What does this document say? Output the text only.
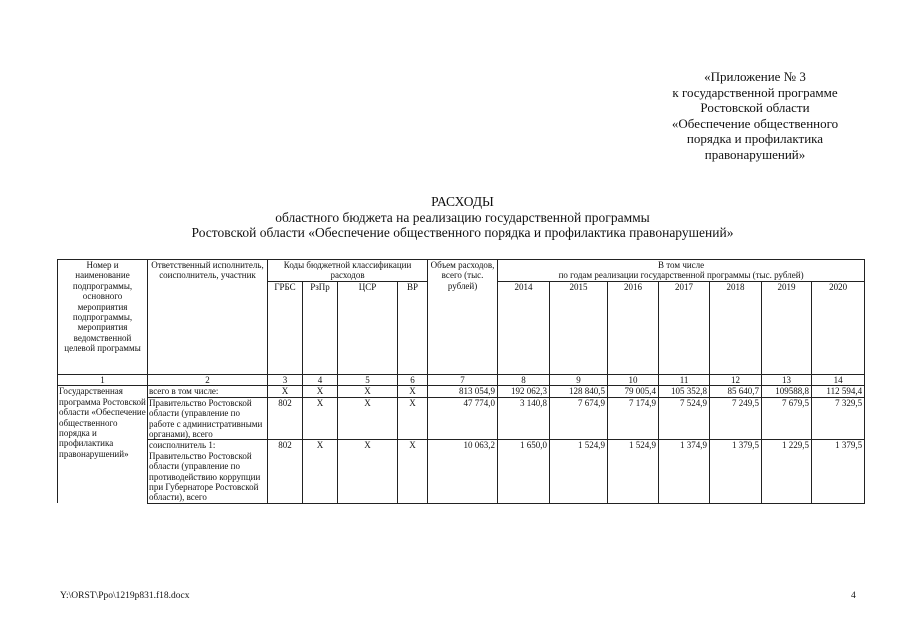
«Приложение № 3
к государственной программе
Ростовской области
«Обеспечение общественного
порядка и профилактика
правонарушений»
РАСХОДЫ
областного бюджета на реализацию государственной программы
Ростовской области «Обеспечение общественного порядка и профилактика правонарушений»
Номер и наименование подпрограммы, основного мероприятия подпрограммы, мероприятия ведомственной целевой программы	Ответственный исполнитель, соисполнитель, участник	Коды бюджетной классификации расходов				Объем расходов, всего (тыс. рублей)	В том числе
по годам реализации государственной программы (тыс. рублей)						

		ГРБС	РзПр	ЦСР	ВР		2014	2015	2016	2017	2018	2019	2020
1	2	3	4	5	6	7	8	9	10	11	12	13	14
Государственная программа Ростовской области «Обеспечение общественного порядка и профилактика правонарушений»	всего в том числе:	Х	Х	Х	Х	813 054,9	192 062,3	128 840,5	79 005,4	105 352,8	85 640,7	109588,8	112 594,4
	Правительство Ростовской области (управление по работе с административными органами), всего	802	Х	Х	Х	47 774,0	3 140,8	7 674,9	7 174,9	7 524,9	7 249,5	7 679,5	7 329,5
	соисполнитель 1: Правительство Ростовской области (управление по противодействию коррупции при Губернаторе Ростовской области), всего	802	Х	Х	Х	10 063,2	1 650,0	1 524,9	1 524,9	1 374,9	1 379,5	1 229,5	1 379,5
Y:\ORST\Ppo\1219p831.f18.docx	4
